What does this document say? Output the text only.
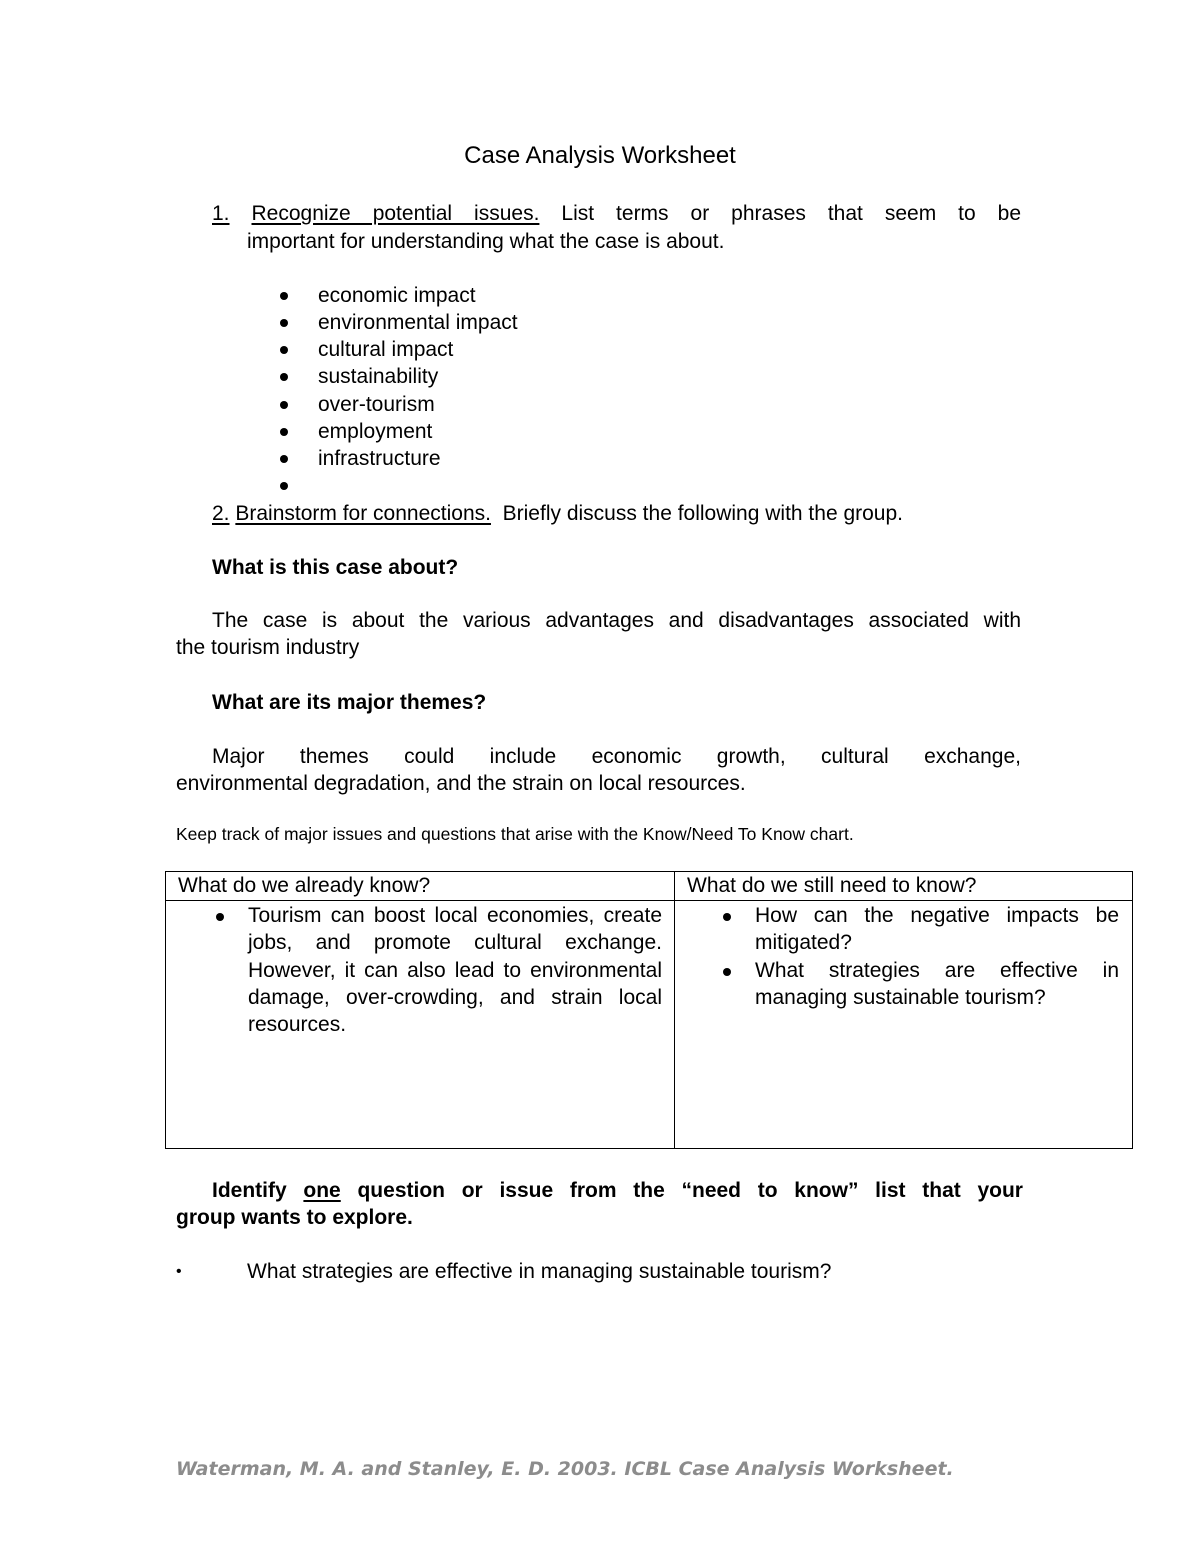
Case Analysis Worksheet
1. Recognize potential issues. List terms or phrases that seem to be
important for understanding what the case is about.
economic impact
environmental impact
cultural impact
sustainability
over-tourism
employment
infrastructure
2. Brainstorm for connections. Briefly discuss the following with the group.
What is this case about?
The case is about the various advantages and disadvantages associated with
the tourism industry
What are its major themes?
Major themes could include economic growth, cultural exchange,
environmental degradation, and the strain on local resources.
Keep track of major issues and questions that arise with the Know/Need To Know chart.
What do we already know?	What do we still need to know?

Tourism can boost local economies, create jobs, and promote cultural exchange. However, it can also lead to environmental damage, over-crowding, and strain local resources.	How can the negative impacts be mitigated?
What strategies are effective in managing sustainable tourism?
Identify one question or issue from the “need to know” list that your
group wants to explore.
•	What strategies are effective in managing sustainable tourism?
Waterman, M. A. and Stanley, E. D. 2003. ICBL Case Analysis Worksheet.
